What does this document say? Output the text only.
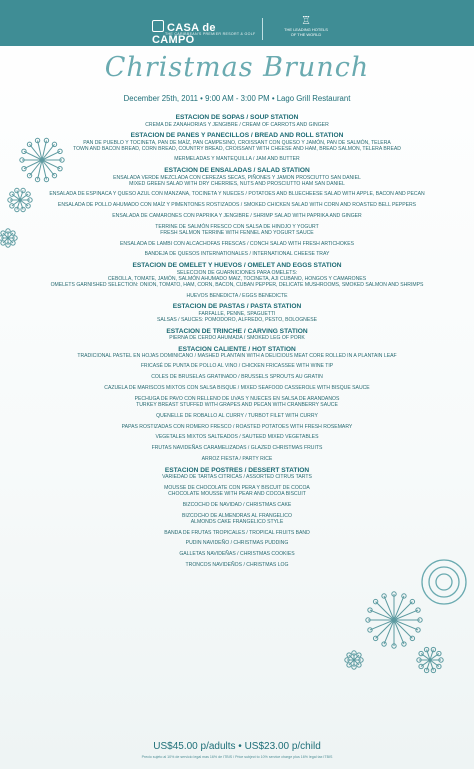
CASA de CAMPO
THE CARIBBEAN'S PREMIER RESORT & GOLF
♖
THE LEADING HOTELS
OF THE WORLD
Christmas Brunch
December 25th, 2011 • 9:00 AM - 3:00 PM • Lago Grill Restaurant
ESTACION DE SOPAS / SOUP STATION
CREMA DE ZANAHORIAS Y JENGIBRE / CREAM OF CARROTS AND GINGER
ESTACION DE PANES Y PANECILLOS / BREAD AND ROLL STATION
PAN DE PUEBLO Y TOCINETA, PAN DE MAÍZ, PAN CAMPESINO, CROISSANT CON QUESO Y JAMÓN, PAN DE SALMÓN, TELERA
TOWN AND BACON BREAD, CORN BREAD, COUNTRY BREAD, CROISSANT WITH CHEESE AND HAM, BREAD SALMON, TELERA BREAD
MERMELADAS Y MANTEQUILLA / JAM AND BUTTER
ESTACION DE ENSALADAS / SALAD STATION
ENSALADA VERDE MEZCLADA CON CEREZAS SECAS, PIÑONES Y JAMON PROSCIUTTO SAN DANIEL
MIXED GREEN SALAD WITH DRY CHERRIES, NUTS AND PROSCIUTTO HAM SAN DANIEL
ENSALADA DE ESPINACA Y QUESO AZUL CON MANZANA, TOCINETA Y NUECES / POTATOES AND BLUECHEESE SALAD WITH APPLE, BACON AND PECAN
ENSALADA DE POLLO AHUMADO CON MAÍZ Y PIMENTONES ROSTIZADOS / SMOKED CHICKEN SALAD WITH CORN AND ROASTED BELL PEPPERS
ENSALADA DE CAMARONES CON PAPRIKA Y JENGIBRE / SHRIMP SALAD WITH PAPRIKA AND GINGER
TERRINE DE SALMÓN FRESCO CON SALSA DE HINOJO Y YOGURT
FRESH SALMON TERRINE WITH FENNEL AND YOGURT SAUCE
ENSALADA DE LAMBI CON ALCACHOFAS FRESCAS / CONCH SALAD WITH FRESH ARTICHOKES
BANDEJA DE QUESOS INTERNATIONALES / INTERNATIONAL CHEESE TRAY
ESTACION DE OMELET Y HUEVOS / OMELET AND EGGS STATION
SELECCION DE GUARNICIONES PARA OMELETS:
CEBOLLA, TOMATE, JAMÓN, SALMÓN AHUMADO MAIZ, TOCINETA, AJI CUBANO, HONGOS Y CAMARONES
OMELETS GARNISHED SELECTION: ONION, TOMATO, HAM, CORN, BACON, CUBAN PEPPER, DELICATE MUSHROOMS, SMOKED SALMON AND SHRIMPS
HUEVOS BENEDICTA / EGGS BENEDICTE
ESTACION DE PASTAS / PASTA STATION
FARFALLE, PENNE, SPAGUETTI
SALSAS / SAUCES: POMODORO, ALFREDO, PESTO, BOLOGNESE
ESTACION DE TRINCHE / CARVING STATION
PIERNA DE CERDO AHUMADA / SMOKED LEG OF PORK
ESTACION CALIENTE / HOT STATION
TRADICIONAL PASTEL EN HOJAS DOMINICANO / MASHED PLANTAIN WITH A DELICIOUS MEAT CORE ROLLED IN A PLANTAIN LEAF
FRICASÉ DE PUNTA DE POLLO AL VINO / CHICKEN FRICASSEE WITH WINE TIP
COLES DE BRUSELAS GRATINADO / BRUSSELS SPROUTS AU GRATIN
CAZUELA DE MARISCOS MIXTOS CON SALSA BISQUE / MIXED SEAFOOD CASSEROLE WITH BISQUE SAUCE
PECHUGA DE PAVO CON RELLENO DE UVAS Y NUECES EN SALSA DE ARANDANOS
TURKEY BREAST STUFFED WITH GRAPES AND PECAN WITH CRANBERRY SAUCE
QUENELLE DE ROBALLO AL CURRY / TURBOT FILET WITH CURRY
PAPAS ROSTIZADAS CON ROMERO FRESCO / ROASTED POTATOES WITH FRESH ROSEMARY
VEGETALES MIXTOS SALTEADOS / SAUTEED MIXED VEGETABLES
FRUTAS NAVIDEÑAS CARAMELIZADAS / GLAZED CHRISTMAS FRUITS
ARROZ FIESTA / PARTY RICE
ESTACION DE POSTRES / DESSERT STATION
VARIEDAD DE TARTAS CITRICAS / ASSORTED CITRUS TARTS
MOUSSE DE CHOCOLATE CON PERA Y BISCUIT DE COCOA
CHOCOLATE MOUSSE WITH PEAR AND COCOA BISCUIT
BIZCOCHO DE NAVIDAD / CHRISTMAS CAKE
BIZCOCHO DE ALMENDRAS AL FRANGELICO
ALMONDS CAKE FRANGELICO STYLE
BANDA DE FRUTAS TROPICALES / TROPICAL FRUITS BAND
PUDIN NAVIDEÑO / CHRISTMAS PUDDING
GALLETAS NAVIDEÑAS / CHRISTMAS COOKIES
TRONCOS NAVIDEÑOS / CHRISTMAS LOG
US$45.00 p/adults • US$23.00 p/child
Precio sujeto al 10% de servicio legal mas 16% de ITBIS / Price subject to 10% service charge plus 16% legal tax ITBIS
